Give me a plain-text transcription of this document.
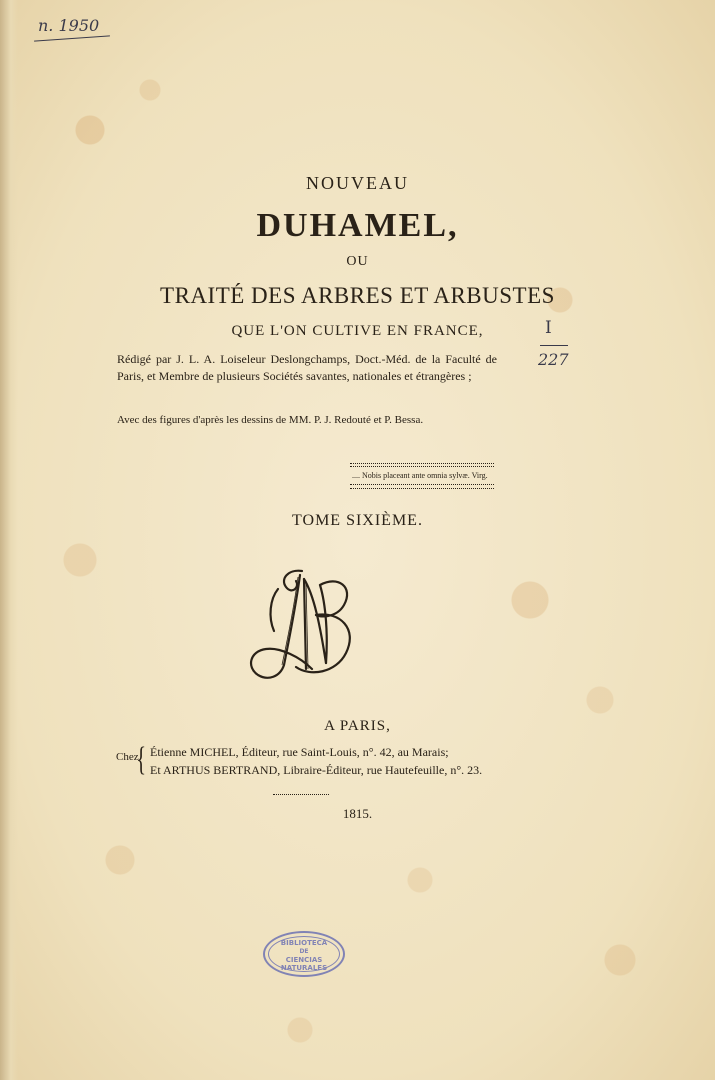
n. 1950
I
227
NOUVEAU
DUHAMEL,
OU
TRAITÉ DES ARBRES ET ARBUSTES
QUE L'ON CULTIVE EN FRANCE,
Rédigé par J. L. A. Loiseleur Deslongchamps, Doct.-Méd. de la Faculté de Paris, et Membre de plusieurs Sociétés savantes, nationales et étrangères ;
Avec des figures d'après les dessins de MM. P. J. Redouté et P. Bessa.
.... Nobis placeant ante omnia sylvæ. Virg.
TOME SIXIÈME.
A PARIS,
Chez
{ Étienne MICHEL, Éditeur, rue Saint-Louis, n°. 42, au Marais;
Et ARTHUS BERTRAND, Libraire-Éditeur, rue Hautefeuille, n°. 23.
1815.
BIBLIOTECA
DE
CIENCIAS NATURALES
